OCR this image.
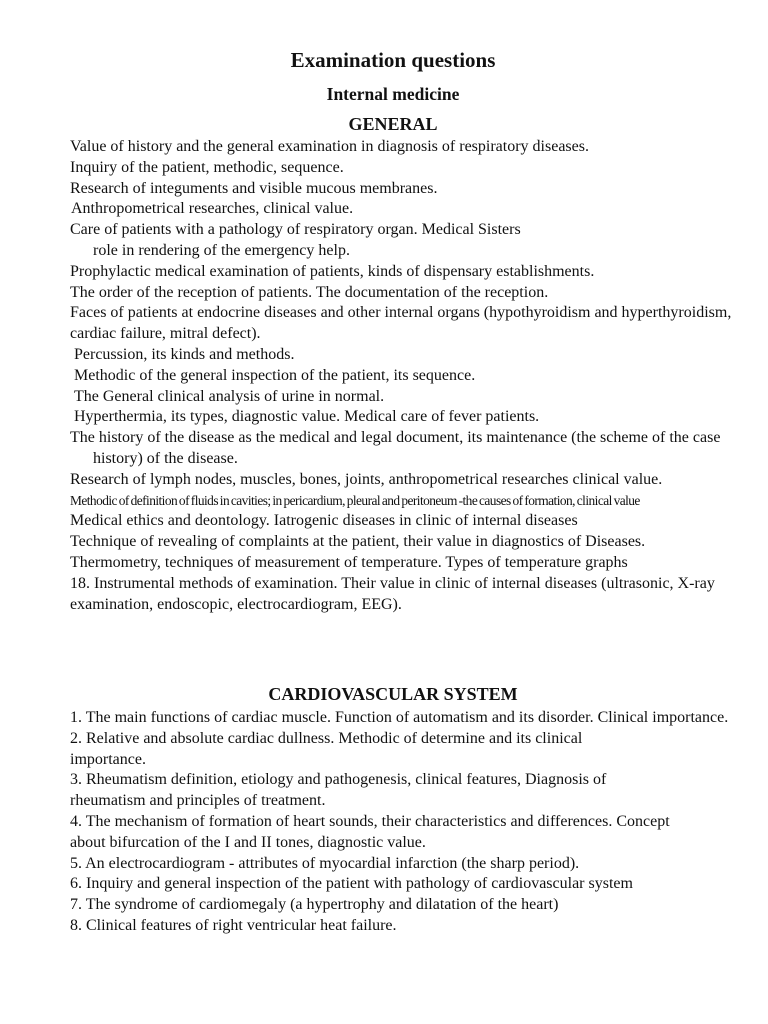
Examination questions
Internal medicine
GENERAL

Value of history and the general examination in diagnosis of respiratory diseases.

Inquiry of the patient, methodic, sequence.

Research of integuments and visible mucous membranes.

Anthropometrical researches, clinical value.

Care of patients with a pathology of respiratory organ. Medical Sisters role in rendering of the emergency help.

Prophylactic medical examination of patients, kinds of dispensary establishments.

The order of the reception of patients. The documentation of the reception.

Faces of patients at endocrine diseases and other internal organs (hypothyroidism and hyperthyroidism, cardiac failure, mitral defect).

Percussion, its kinds and methods.

Methodic of the general inspection of the patient, its sequence.

The General clinical analysis of urine in normal.

Hyperthermia, its types, diagnostic value. Medical care of fever patients.

The history of the disease as the medical and legal document, its maintenance (the scheme of the case history) of the disease.

Research of lymph nodes, muscles, bones, joints, anthropometrical researches clinical value.

Methodic of definition of fluids in cavities; in pericardium, pleural and peritoneum -the causes of formation, clinical value

Medical ethics and deontology. Iatrogenic diseases in clinic of internal diseases

Technique of revealing of complaints at the patient, their value in diagnostics of Diseases.

Thermometry, techniques of measurement of temperature. Types of temperature graphs

18. Instrumental methods of examination. Their value in clinic of internal diseases (ultrasonic, X-ray examination, endoscopic, electrocardiogram, EEG).

CARDIOVASCULAR SYSTEM

1. The main functions of cardiac muscle. Function of automatism and its disorder. Clinical importance.

2. Relative and absolute cardiac dullness. Methodic of determine and its clinical importance.

3. Rheumatism definition, etiology and pathogenesis, clinical features, Diagnosis of rheumatism and principles of treatment.

4. The mechanism of formation of heart sounds, their characteristics and differences. Concept about bifurcation of the I and II tones, diagnostic value.

5. An electrocardiogram - attributes of myocardial infarction (the sharp period).

6. Inquiry and general inspection of the patient with pathology of cardiovascular system

7. The syndrome of cardiomegaly (a hypertrophy and dilatation of the heart)

8. Clinical features of right ventricular heat failure.
